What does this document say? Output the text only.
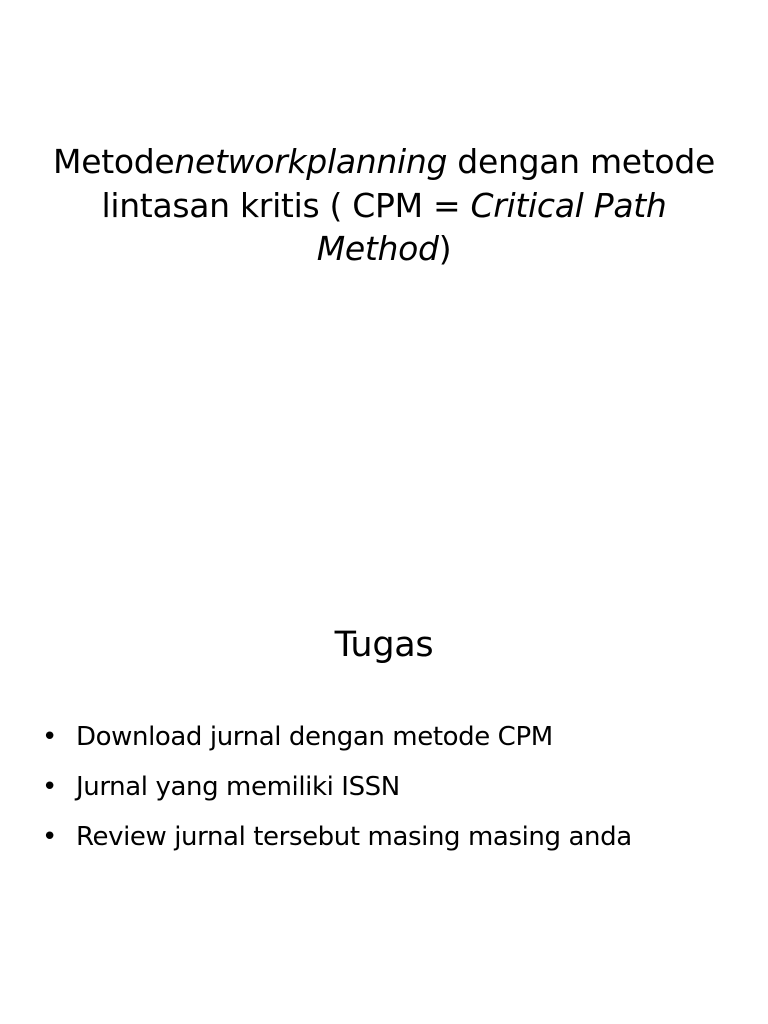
Metodenetworkplanning dengan metode lintasan kritis ( CPM = Critical Path Method)
Tugas
• Download jurnal dengan metode CPM
• Jurnal yang memiliki ISSN
• Review jurnal tersebut masing masing anda
